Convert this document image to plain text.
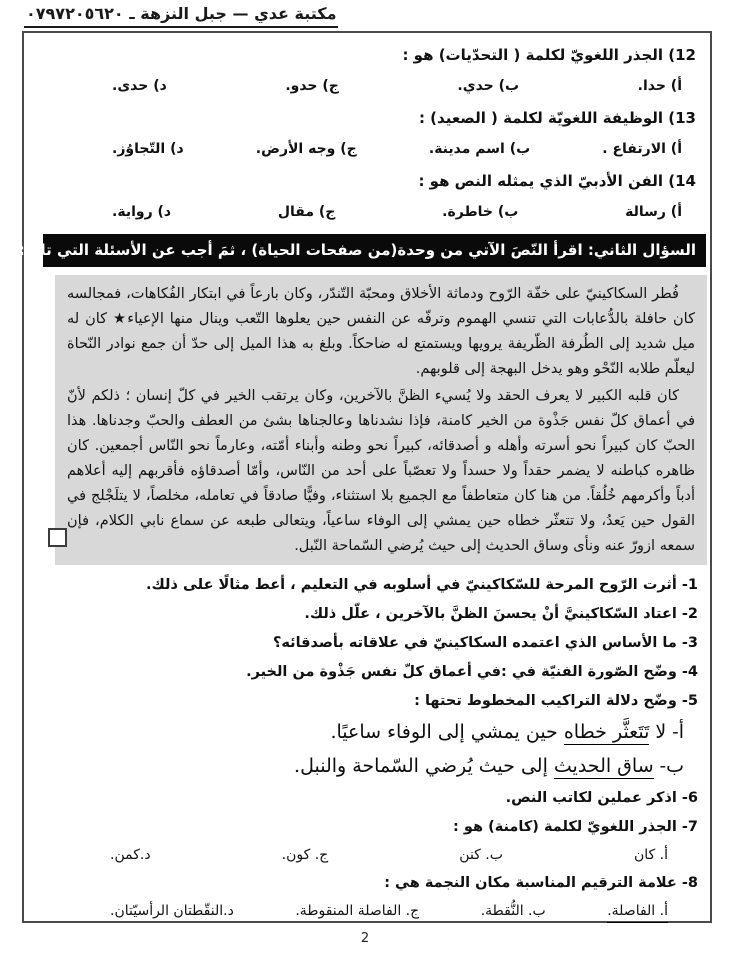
مكتبة عدي — جبل النزهة ـ ٠٧٩٧٢٠٥٦٢٠
12) الجذر اللغويّ لكلمة ( التحدّيات) هو :
أ) حدا.
ب) حدي.
ج) حدو.
د) حدى.
13) الوظيفة اللغويّة لكلمة ( الصعيد) :
أ) الارتفاع .
ب) اسم مدينة.
ج) وجه الأرض.
د) التّجاوُز.
14) الفن الأدبيّ الذي يمثله النص هو :
أ) رسالة
ب) خاطرة.
ج) مقال
د) رواية.
السؤال الثاني: اقرأ النّصَ الآتي من وحدة(من صفحات الحياة) ، ثمَ أجب عن الأسئلة التي تليه:

فُطر السكاكينيّ على خفّة الرّوح ودماثة الأخلاق ومحبّة التّندّر، وكان بارعاً في ابتكار الفُكاهات، فمجالسه كان حافلة بالدُّعابات التي تنسي الهموم وترفّه عن النفس حين يعلوها التّعب وينال منها الإعياء★ كان له ميل شديد إلى الطُرفة الظّريفة يرويها ويستمتع له ضاحكاً. وبلغ به هذا الميل إلى حدّ أن جمع نوادر النّحاة ليعلّم طلابه النّحْو وهو يدخل البهجة إلى قلوبهم.

كان قلبه الكبير لا يعرف الحقد ولا يُسيء الظنَّ بالآخرين، وكان يرتقب الخير في كلّ إنسان ؛ ذلكم لأنّ في أعماق كلّ نفس جَذْوة من الخير كامنة، فإذا نشدناها وعالجناها بشئ من العطف والحبّ وجدناها. هذا الحبّ كان كبيراً نحو أسرته وأهله و أصدقائه، كبيراً نحو وطنه وأبناء أمّته، وعارماً نحو النّاس أجمعين. كان ظاهره كباطنه لا يضمر حقداً ولا حسداً ولا تعصّباً على أحد من النّاس، وأمّا أصدقاؤه فأقربهم إليه أعلاهم أدباً وأكرمهم خُلُقاً. من هنا كان متعاطفاً مع الجميع بلا استثناء، وفيًّا صادقاً في تعامله، مخلصاً، لا يتلَجْلج في القول حين يَعدُ، ولا تتعثّر خطاه حين يمشي إلى الوفاء ساعياً، ويتعالى طبعه عن سماع نابي الكلام، فإن سمعه ازورّ عنه ونأى وساق الحديث إلى حيث يُرضي السّماحة النّبل.

1- أثرت الرّوح المرحة للسّكاكينيّ في أسلوبه في التعليم ، أعط مثالًا على ذلك.
2- اعتاد السّكاكينيَّ أنْ يحسنَ الظنَّ بالآخرين ، علّل ذلك.
3- ما الأساس الذي اعتمده السكاكينيّ في علاقاته بأصدقائه؟
4- وضّح الصّورة الفنيّة في :في أعماق كلّ نفس جَذْوة من الخير.
5- وضّح دلالة التراكيب المخطوط تحتها :
أ- لا تَتَعثَّر خطاه حين يمشي إلى الوفاء ساعيًا.
ب- ساق الحديث إلى حيث يُرضي السّماحة والنبل.
6- اذكر عملين لكاتب النص.
7- الجذر اللغويّ لكلمة (كامنة) هو :
أ. كان
ب. كنن
ج. كون.
د.كمن.
8- علامة الترقيم المناسبة مكان النجمة هي :
أ. الفاصلة.
ب. النُّقطة.
ج. الفاصلة المنقوطة.
د.النقّطتان الرأسيّتان.
2
